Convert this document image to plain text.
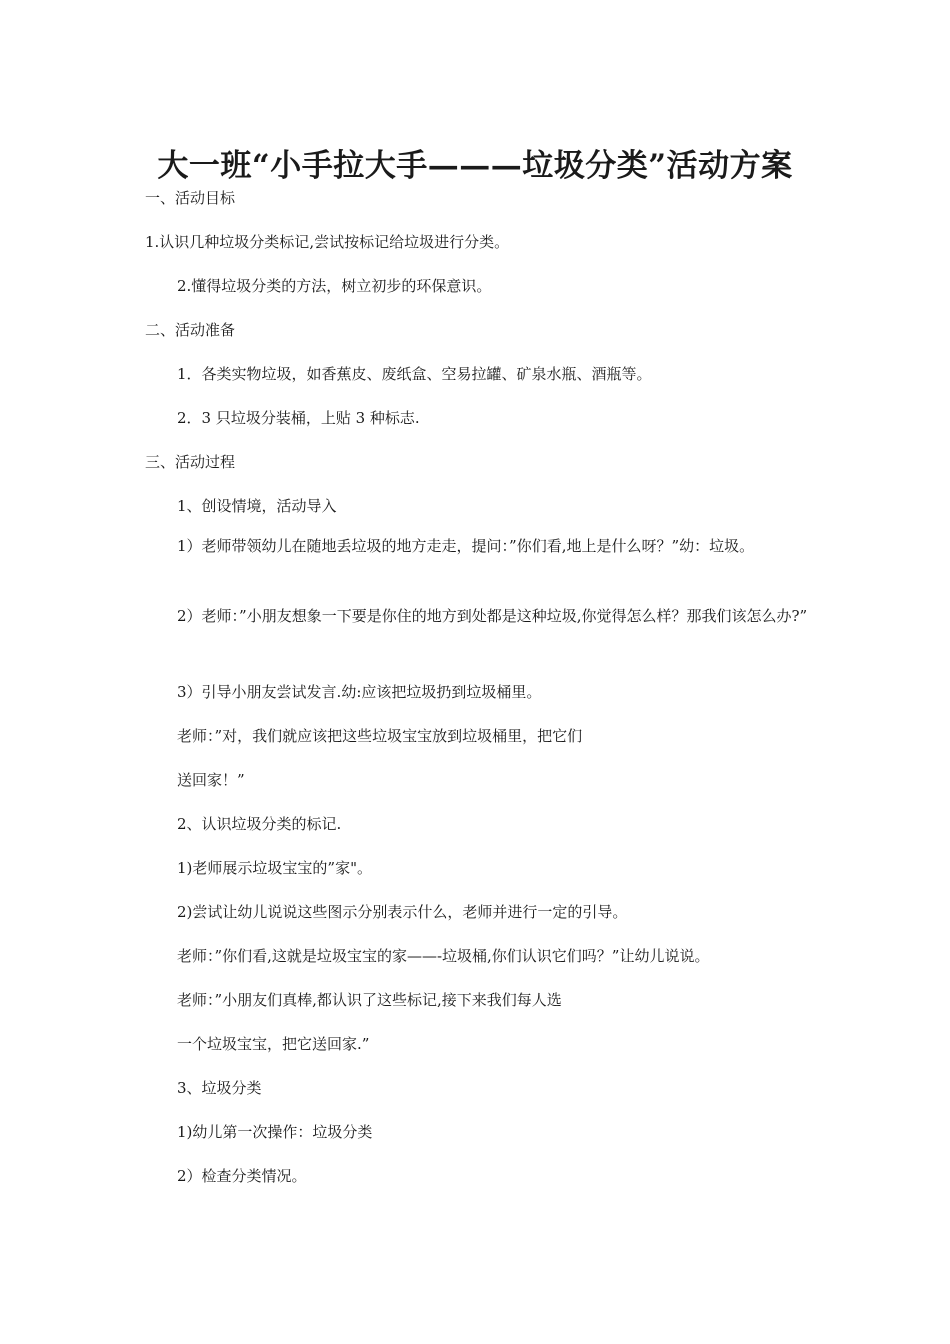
大一班“小手拉大手———垃圾分类”活动方案
一、活动目标
1.认识几种垃圾分类标记,尝试按标记给垃圾进行分类。
2.懂得垃圾分类的方法，树立初步的环保意识。
二、活动准备
1．各类实物垃圾，如香蕉皮、废纸盒、空易拉罐、矿泉水瓶、酒瓶等。
2．3 只垃圾分装桶，上贴 3 种标志.
三、活动过程
1、创设情境，活动导入
1）老师带领幼儿在随地丢垃圾的地方走走，提问：”你们看,地上是什么呀？”幼：垃圾。
2）老师：”小朋友想象一下要是你住的地方到处都是这种垃圾,你觉得怎么样？那我们该怎么办?”
3）引导小朋友尝试发言.幼:应该把垃圾扔到垃圾桶里。
老师：”对，我们就应该把这些垃圾宝宝放到垃圾桶里，把它们
送回家！”
2、认识垃圾分类的标记.
1)老师展示垃圾宝宝的”家"。
2)尝试让幼儿说说这些图示分别表示什么，老师并进行一定的引导。
老师：”你们看,这就是垃圾宝宝的家——-垃圾桶,你们认识它们吗？”让幼儿说说。
老师：”小朋友们真棒,都认识了这些标记,接下来我们每人选
一个垃圾宝宝，把它送回家.”
3、垃圾分类
1)幼儿第一次操作：垃圾分类
2）检查分类情况。
